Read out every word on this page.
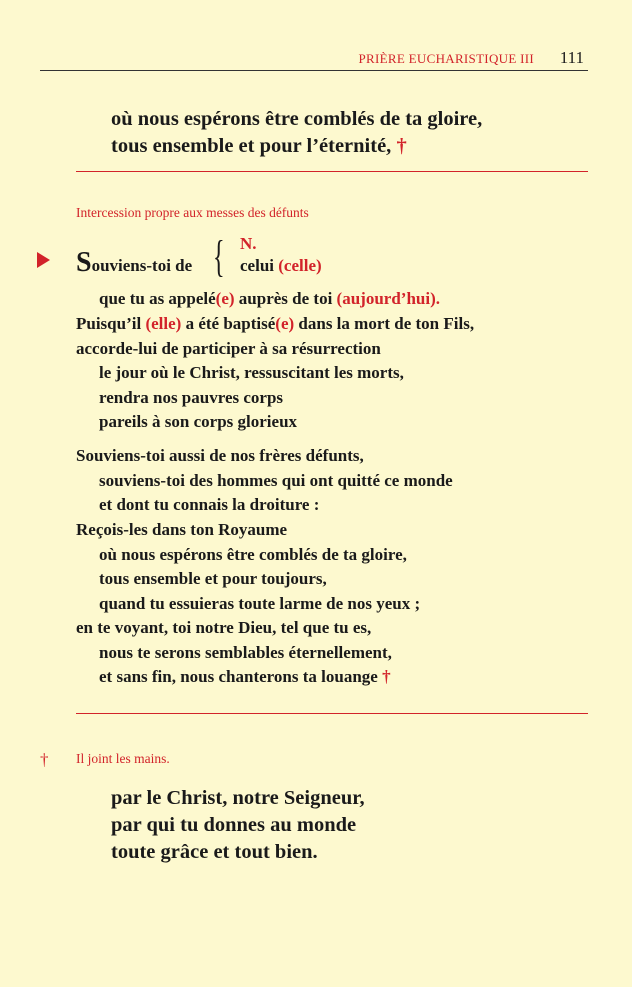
PRIÈRE EUCHARISTIQUE III 111
où nous espérons être comblés de ta gloire,
tous ensemble et pour l’éternité, †
Intercession propre aux messes des défunts
Souviens-toi de { N.
celui (celle)
que tu as appelé(e) auprès de toi (aujourd’hui).
Puisqu’il (elle) a été baptisé(e) dans la mort de ton Fils,
accorde-lui de participer à sa résurrection
le jour où le Christ, ressuscitant les morts,
rendra nos pauvres corps
pareils à son corps glorieux
Souviens-toi aussi de nos frères défunts,
souviens-toi des hommes qui ont quitté ce monde
et dont tu connais la droiture :
Reçois-les dans ton Royaume
où nous espérons être comblés de ta gloire,
tous ensemble et pour toujours,
quand tu essuieras toute larme de nos yeux ;
en te voyant, toi notre Dieu, tel que tu es,
nous te serons semblables éternellement,
et sans fin, nous chanterons ta louange †
† Il joint les mains.
par le Christ, notre Seigneur,
par qui tu donnes au monde
toute grâce et tout bien.
